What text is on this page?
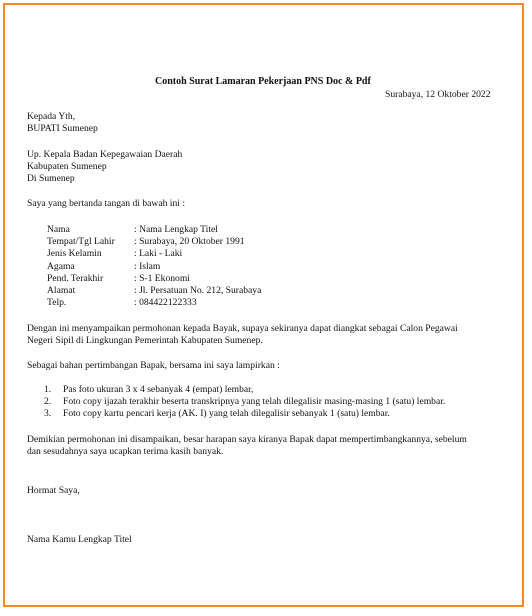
Contoh Surat Lamaran Pekerjaan PNS Doc & Pdf
Surabaya, 12 Oktober 2022
Kepada Yth,
BUPATI Sumenep
Up. Kepala Badan Kepegawaian Daerah
Kabupaten Sumenep
Di Sumenep
Saya yang bertanda tangan di bawah ini :
Nama	: Nama Lengkap Titel
Tempat/Tgl Lahir : Surabaya, 20 Oktober 1991
Jenis Kelamin	: Laki - Laki
Agama	: Islam
Pend. Terakhir	: S-1 Ekonomi
Alamat	: Jl. Persatuan No. 212, Surabaya
Telp.	: 084422122333
Dengan ini menyampaikan permohonan kepada Bayak, supaya sekiranya dapat diangkat sebagai Calon Pegawai
Negeri Sipil di Lingkungan Pemerintah Kabupaten Sumenep.
Sebagai bahan pertimbangan Bapak, bersama ini saya lampirkan :
1. Pas foto ukuran 3 x 4 sebanyak 4 (empat) lembar,
2. Foto copy ijazah terakhir beserta transkripnya yang telah dilegalisir masing-masing 1 (satu) lembar.
3. Foto copy kartu pencari kerja (AK. I) yang telah dilegalisir sebanyak 1 (satu) lembar.
Demikian permohonan ini disampaikan, besar harapan saya kiranya Bapak dapat mempertimbangkannya, sebelum
dan sesudahnya saya ucapkan terima kasih banyak.
Hormat Saya,
Nama Kamu Lengkap Titel
